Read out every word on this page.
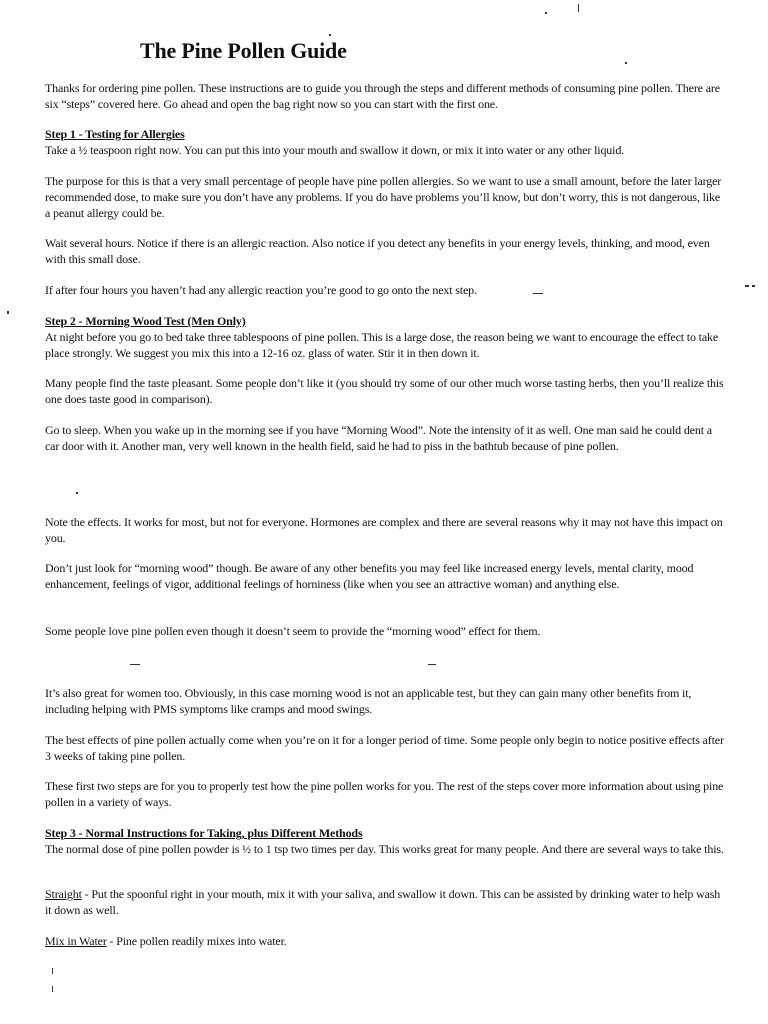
The Pine Pollen Guide

Thanks for ordering pine pollen. These instructions are to guide you through the steps and different methods of consuming pine pollen. There are six “steps” covered here. Go ahead and open the bag right now so you can start with the first one.

Step 1 - Testing for Allergies
Take a ½ teaspoon right now. You can put this into your mouth and swallow it down, or mix it into water or any other liquid.

The purpose for this is that a very small percentage of people have pine pollen allergies. So we want to use a small amount, before the later larger recommended dose, to make sure you don’t have any problems. If you do have problems you’ll know, but don’t worry, this is not dangerous, like a peanut allergy could be.

Wait several hours. Notice if there is an allergic reaction. Also notice if you detect any benefits in your energy levels, thinking, and mood, even with this small dose.

If after four hours you haven’t had any allergic reaction you’re good to go onto the next step.

Step 2 - Morning Wood Test (Men Only)
At night before you go to bed take three tablespoons of pine pollen. This is a large dose, the reason being we want to encourage the effect to take place strongly. We suggest you mix this into a 12-16 oz. glass of water. Stir it in then down it.

Many people find the taste pleasant. Some people don’t like it (you should try some of our other much worse tasting herbs, then you’ll realize this one does taste good in comparison).

Go to sleep. When you wake up in the morning see if you have “Morning Wood”. Note the intensity of it as well. One man said he could dent a car door with it. Another man, very well known in the health field, said he had to piss in the bathtub because of pine pollen.

Note the effects. It works for most, but not for everyone. Hormones are complex and there are several reasons why it may not have this impact on you.

Don’t just look for “morning wood” though. Be aware of any other benefits you may feel like increased energy levels, mental clarity, mood enhancement, feelings of vigor, additional feelings of horniness (like when you see an attractive woman) and anything else.

Some people love pine pollen even though it doesn’t seem to provide the “morning wood” effect for them.

It’s also great for women too. Obviously, in this case morning wood is not an applicable test, but they can gain many other benefits from it, including helping with PMS symptoms like cramps and mood swings.

The best effects of pine pollen actually come when you’re on it for a longer period of time. Some people only begin to notice positive effects after 3 weeks of taking pine pollen.

These first two steps are for you to properly test how the pine pollen works for you. The rest of the steps cover more information about using pine pollen in a variety of ways.

Step 3 - Normal Instructions for Taking, plus Different Methods
The normal dose of pine pollen powder is ½ to 1 tsp two times per day. This works great for many people. And there are several ways to take this.

Straight - Put the spoonful right in your mouth, mix it with your saliva, and swallow it down. This can be assisted by drinking water to help wash it down as well.

Mix in Water - Pine pollen readily mixes into water.
